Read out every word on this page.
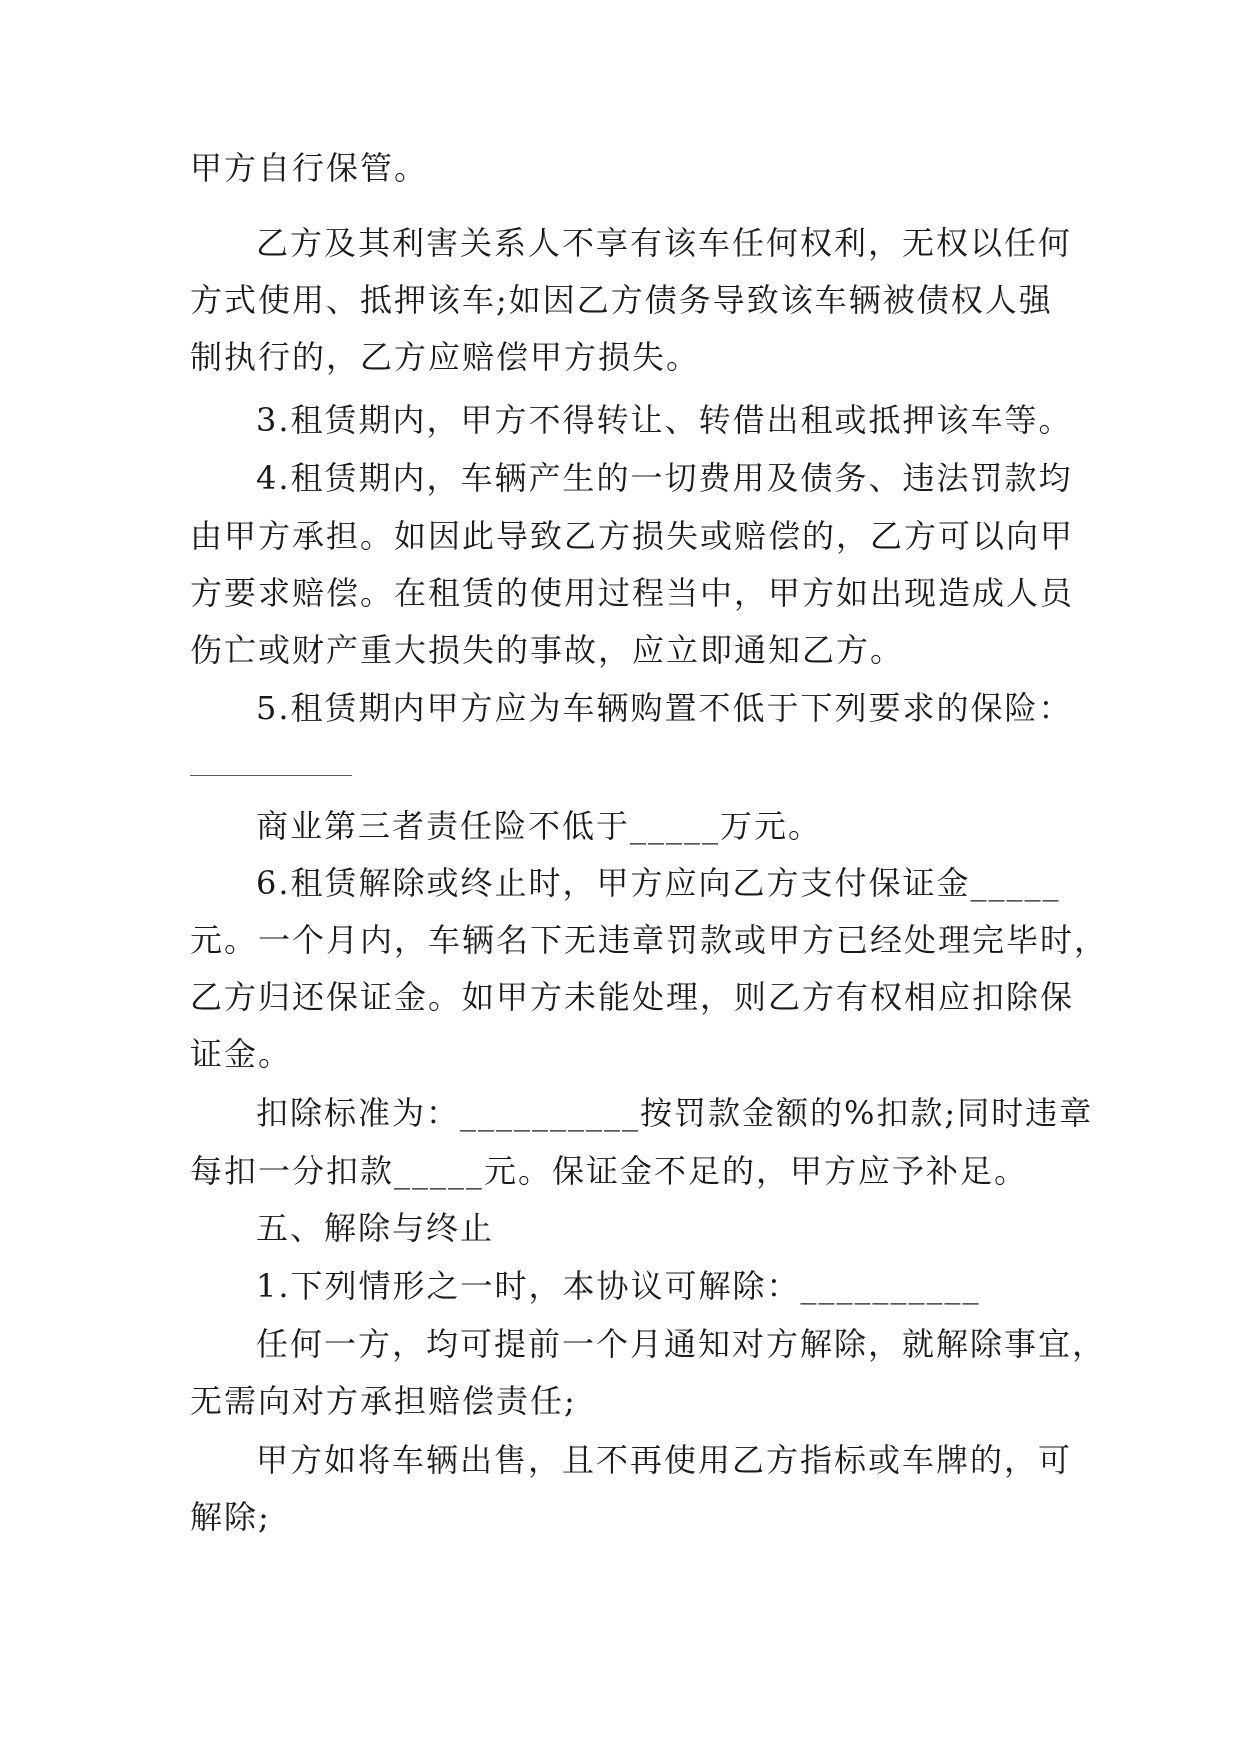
甲方自行保管。
乙方及其利害关系人不享有该车任何权利，无权以任何
方式使用、抵押该车;如因乙方债务导致该车辆被债权人强
制执行的，乙方应赔偿甲方损失。
3.租赁期内，甲方不得转让、转借出租或抵押该车等。
4.租赁期内，车辆产生的一切费用及债务、违法罚款均
由甲方承担。如因此导致乙方损失或赔偿的，乙方可以向甲
方要求赔偿。在租赁的使用过程当中，甲方如出现造成人员
伤亡或财产重大损失的事故，应立即通知乙方。
5.租赁期内甲方应为车辆购置不低于下列要求的保险：
商业第三者责任险不低于_____万元。
6.租赁解除或终止时，甲方应向乙方支付保证金_____
元。一个月内，车辆名下无违章罚款或甲方已经处理完毕时，
乙方归还保证金。如甲方未能处理，则乙方有权相应扣除保
证金。
扣除标准为：__________按罚款金额的%扣款;同时违章
每扣一分扣款_____元。保证金不足的，甲方应予补足。
五、解除与终止
1.下列情形之一时，本协议可解除：__________
任何一方，均可提前一个月通知对方解除，就解除事宜，
无需向对方承担赔偿责任;
甲方如将车辆出售，且不再使用乙方指标或车牌的，可
解除;
